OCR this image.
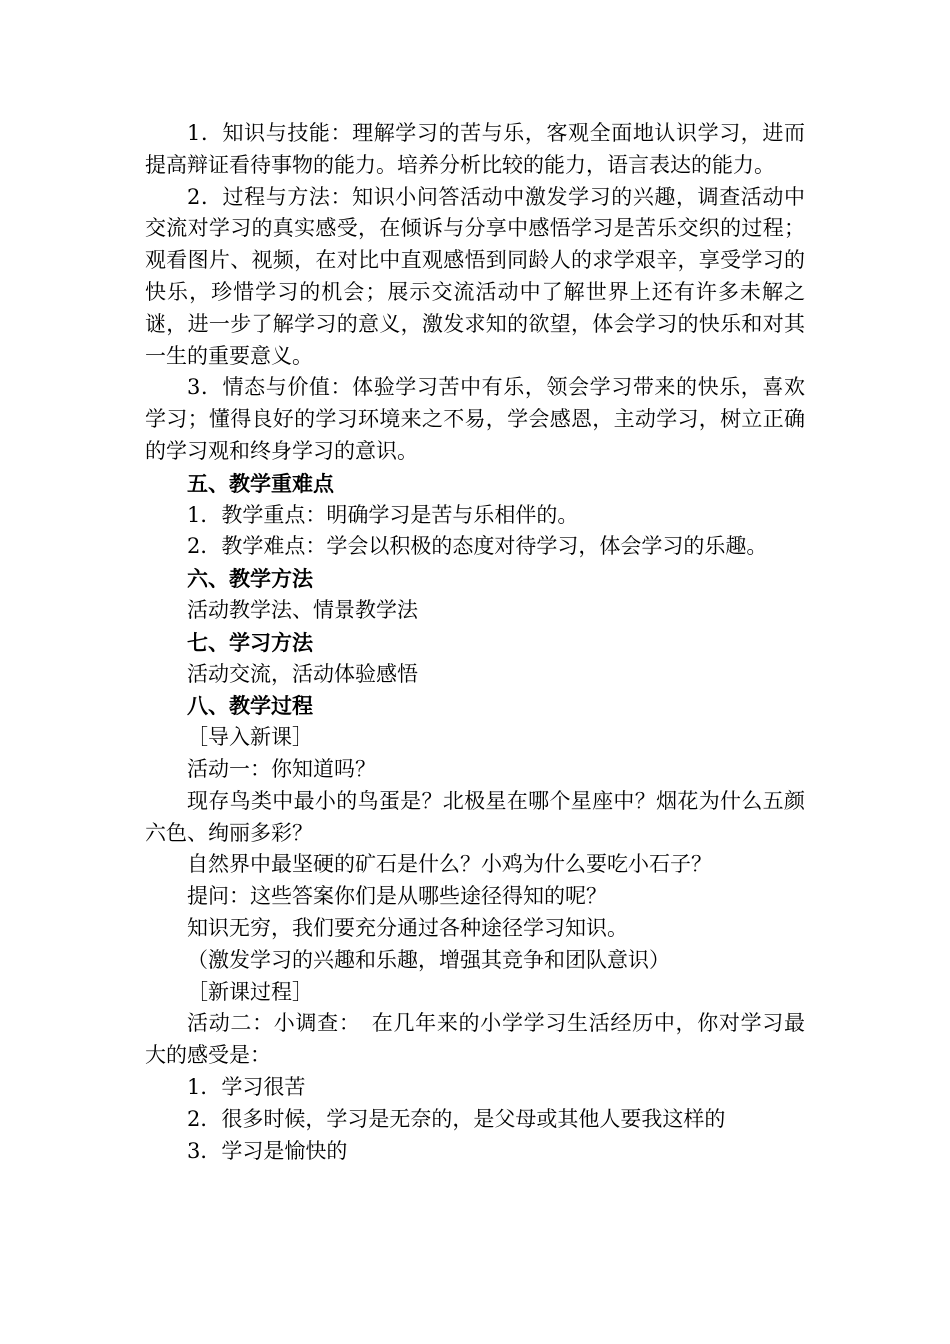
1．知识与技能：理解学习的苦与乐，客观全面地认识学习，进而提高辩证看待事物的能力。培养分析比较的能力，语言表达的能力。

2．过程与方法：知识小问答活动中激发学习的兴趣，调查活动中交流对学习的真实感受，在倾诉与分享中感悟学习是苦乐交织的过程；观看图片、视频，在对比中直观感悟到同龄人的求学艰辛，享受学习的快乐，珍惜学习的机会；展示交流活动中了解世界上还有许多未解之谜，进一步了解学习的意义，激发求知的欲望，体会学习的快乐和对其一生的重要意义。

3．情态与价值：体验学习苦中有乐，领会学习带来的快乐，喜欢学习；懂得良好的学习环境来之不易，学会感恩，主动学习，树立正确的学习观和终身学习的意识。

五、教学重难点

1．教学重点：明确学习是苦与乐相伴的。

2．教学难点：学会以积极的态度对待学习，体会学习的乐趣。

六、教学方法

活动教学法、情景教学法

七、学习方法

活动交流，活动体验感悟

八、教学过程

［导入新课］

活动一：你知道吗？

现存鸟类中最小的鸟蛋是？北极星在哪个星座中？烟花为什么五颜六色、绚丽多彩？

自然界中最坚硬的矿石是什么？小鸡为什么要吃小石子？

提问：这些答案你们是从哪些途径得知的呢？

知识无穷，我们要充分通过各种途径学习知识。

（激发学习的兴趣和乐趣，增强其竞争和团队意识）

［新课过程］

活动二：小调查：　在几年来的小学学习生活经历中，你对学习最大的感受是：

1．学习很苦

2．很多时候，学习是无奈的，是父母或其他人要我这样的

3．学习是愉快的
